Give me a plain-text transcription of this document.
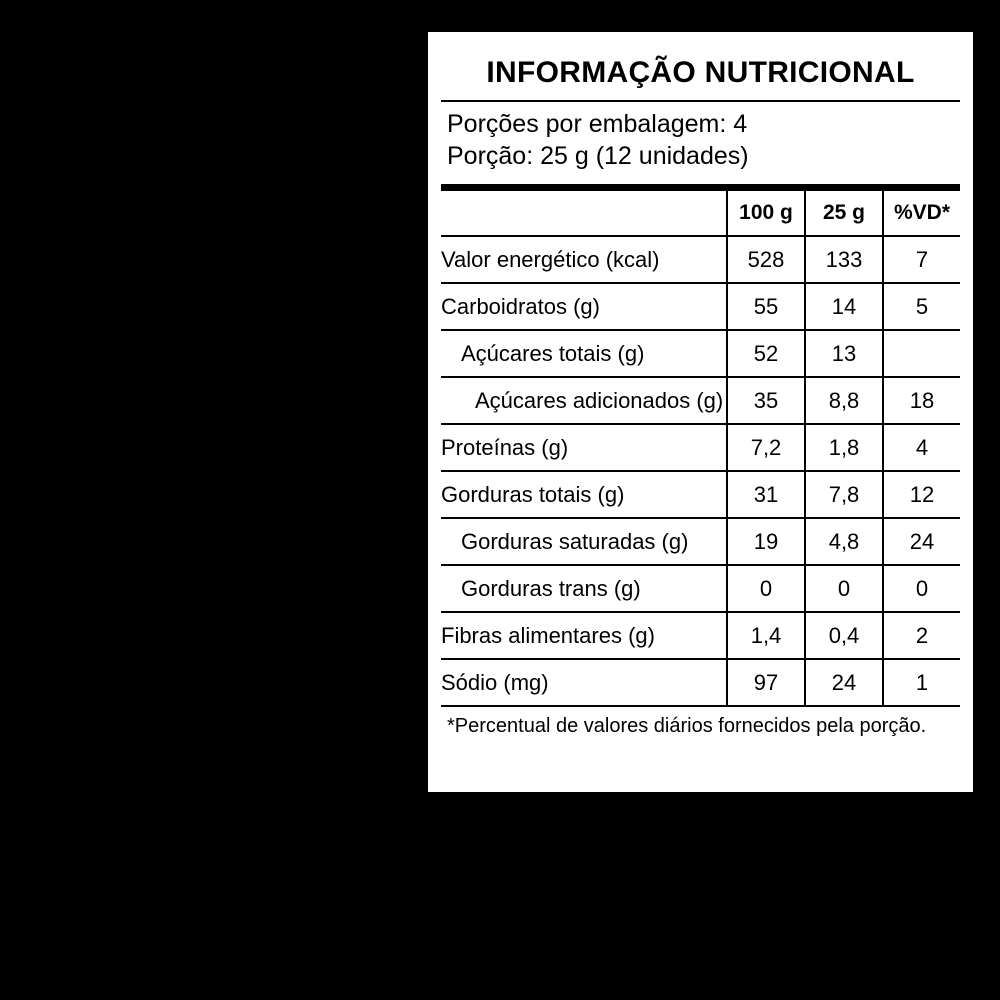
INFORMAÇÃO NUTRICIONAL
Porções por embalagem: 4
Porção: 25 g (12 unidades)
	100 g	25 g	%VD*
Valor energético (kcal)	528	133	7
Carboidratos (g)	55	14	5
Açúcares totais (g)	52	13	
Açúcares adicionados (g)	35	8,8	18
Proteínas (g)	7,2	1,8	4
Gorduras totais (g)	31	7,8	12
Gorduras saturadas (g)	19	4,8	24
Gorduras trans (g)	0	0	0
Fibras alimentares (g)	1,4	0,4	2
Sódio (mg)	97	24	1
*Percentual de valores diários fornecidos pela porção.
